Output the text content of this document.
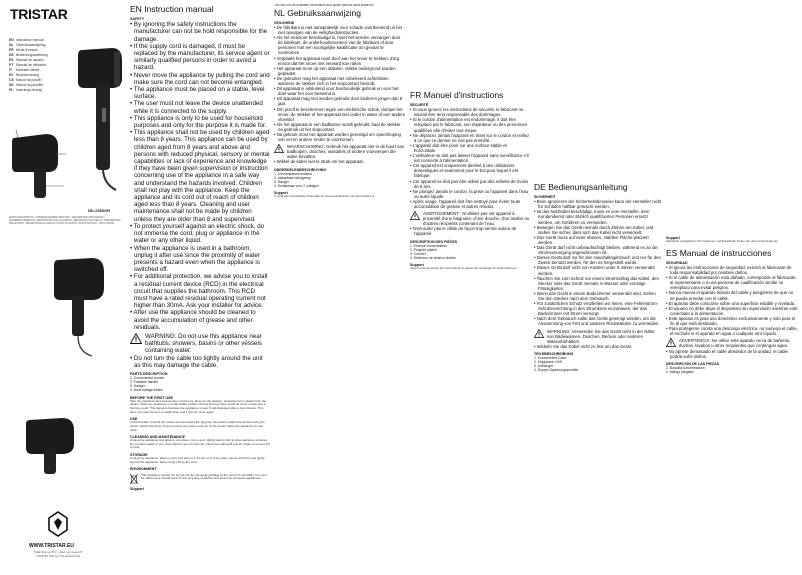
TRISTAR
EN Instruction manual
NL Gebruiksaanwijzing
FR Mode d'emploi
DE Bedienungsanleitung
ES Manual de usuario
PT Manual de utilizador
IT Manuale utente
SV Bruksanvisning
CS Návod na použití
SK Návod na použitie
PL Instrukcja obsługi
HD-2359GR
PARTS DESCRIPTION / ONDERDELENBESCHRIJVING / DESCRIPTION DES PIÈCES / TEILEBESCHREIBUNG / DESCRIPCIÓN DE LAS PIEZAS / DESCRIÇÃO DAS PEÇAS / DESCRIZIONE DELLE PARTI / BESKRIVNING AV DELAR / POPIS SOUČÁSTÍ / POPIS SÚČASTÍ / OPIS CZĘŚCI
WWW.TRISTAR.EU
Tristar Europe B.V. | Jules Verneweg 87 | 5015 BH Tilburg | The Netherlands
EN Instruction manual
SAFETY

• By ignoring the safety instructions the manufacturer can not be hold responsible for the damage.

• If the supply cord is damaged, it must be replaced by the manufacturer, its service agent or similarly qualified persons in order to avoid a hazard.

• Never move the appliance by pulling the cord and make sure the cord can not become entangled.

• The appliance must be placed on a stable, level surface.

• The user must not leave the device unattended while it is connected to the supply.

• This appliance is only to be used for household purposes and only for the purpose it is made for.

• This appliance shall not be used by children aged less than 8 years. This appliance can be used by children aged from 8 years and above and persons with reduced physical, sensory or mental capabilities or lack of experience and knowledge if they have been given supervision or instruction concerning use of the appliance in a safe way and understand the hazards involved. Children shall not play with the appliance. Keep the appliance and its cord out of reach of children aged less than 8 years. Cleaning and user maintenance shall not be made by children unless they are older than 8 and supervised.

• To protect yourself against an electric shock, do not immerse the cord, plug or appliance in the water or any other liquid.

• When the appliance is used in a bathroom, unplug it after use since the proximity of water presents a hazard even when the appliance is switched off.

• For additional protection, we advise you to install a residual current device (RCD) in the electrical circuit that supplies the bathroom. This RCD must have a rated residual operating current not higher than 30mA. Ask your installer for advice.

• After use the appliance should be cleaned to avoid the accumulation of grease and other residuals.

WARNING: Do not use this appliance near bathtubs, showers, basins or other vessels containing water.

• Do not turn the cable too tightly around the unit as this may damage the cable.

PARTS DESCRIPTION

1. Concentrator nozzle

2. Foldable handle

3. Hanger

4. Dual voltage switch

BEFORE THE FIRST USE
Take the appliance and accessories out the box. Remove the stickers, protective foil or plastic from the device. Place the appliance on a flat stable surface. During first use there could be some smoke and a burning smell. This happens because the appliance is new. It will disappear after a few minutes. This does not mean there is a malfunction and it will not occur again.
USE
Unfold handle. Unwind the power cord and insert the plug into the socket. Adjust the air flow using the switch. Switch the dryer off and remove the power cord out of the socket. Allow the appliance to cool down.
CLEANING AND MAINTENANCE
Unplug the appliance and allow to cool down. Use a soft, slightly damp cloth to wipe appliance surfaces. Do not allow water or any other liquid to get into the unit. Clean the outlet grill and air intake to remove lint or dust.
STORAGE
Unplug the appliance, allow to cool, and store it in its box or in a dry place. Never wind the cord tightly around the appliance. Never hang unit by the cord.
ENVIRONMENT
This appliance should not be put into the domestic garbage at the end of its durability, but must be offered at a central point for the recycling of electric and electronic domestic appliances.
Support
You can find all available information and spare parts at www.tristar.eu!
NL Gebruiksaanwijzing
VEILIGHEID

• De fabrikant is niet aansprakelijk voor schade voortkomend uit het niet opvolgen van de veiligheidsinstructies.

• Als het netsnoer beschadigd is, moet het worden vervangen door de fabrikant, de onderhoudsmonteur van de fabrikant of door personen met een soortgelijke kwalificatie om gevaar te voorkomen.

• Verplaats het apparaat nooit door aan het snoer te trekken. Zorg ervoor dat het snoer niet verward kan raken.

• Het apparaat moet op een stabiele, vlakke ondergrond worden geplaatst.

• De gebruiker mag het apparaat niet onbeheerd achterlaten wanneer de stekker zich in het stopcontact bevindt.

• Dit apparaat is uitsluitend voor huishoudelijk gebruik en voor het doel waar het voor bestemd is.

• Dit apparaat mag niet worden gebruikt door kinderen jonger dan 8 jaar.

• Om jezelf te beschermen tegen een elektrische schok, dompel het snoer, de stekker of het apparaat niet onder in water of een andere vloeistof.

• Als het apparaat in een badkamer wordt gebruikt, haal de stekker na gebruik uit het stopcontact.

• Na gebruik moet het apparaat worden gereinigd om opeenhoping van vet en andere resten te voorkomen.

WAARSCHUWING: Gebruik het apparaat niet in de buurt van badkuipen, douches, wastafels of andere voorwerpen die water bevatten.

• Wikkel de kabel niet te strak om het apparaat.

ONDERDELENBESCHRIJVING

1. Concentratormondstuk

2. Inklapbare handgreep

3. Hanger

4. Schakelaar voor 2 voltages

Support
U vindt alle beschikbare informatie en reserveonderdelen op www.tristar.eu!
FR Manuel d'instructions
SÉCURITÉ

• Si vous ignorez les instructions de sécurité, le fabricant ne saurait être tenu responsable des dommages.

• Si le cordon d'alimentation est endommagé, il doit être remplacé par le fabricant, son réparateur ou des personnes qualifiées afin d'éviter tout risque.

• Ne déplacez jamais l'appareil en tirant sur le cordon et veillez à ce que ce dernier ne soit pas emmêlé.

• L'appareil doit être posé sur une surface stable et horizontale.

• L'utilisateur ne doit pas laisser l'appareil sans surveillance s'il est connecté à l'alimentation.

• Cet appareil est uniquement destiné à des utilisations domestiques et seulement pour le but pour lequel il est fabriqué.

• Cet appareil ne doit pas être utilisé par des enfants de moins de 8 ans.

• Ne plongez jamais le cordon, la prise ou l'appareil dans l'eau ou autre liquide.

• Après usage, l'appareil doit être nettoyé pour éviter toute accumulation de graisse et autres résidus.

AVERTISSEMENT : N'utilisez pas cet appareil à proximité d'une baignoire, d'une douche, d'un lavabo ou d'autres récipients contenant de l'eau.

• N'enroulez pas le câble de façon trop serrée autour de l'appareil.

DESCRIPTION DES PIÈCES

1. Embout concentrateur

2. Poignée pliable

3. Crochet

4. Sélecteur de tension double

Support
Vous trouverez toutes les informations et pièces de rechange sur www.tristar.eu !
DE Bedienungsanleitung
SICHERHEIT

• Beim Ignorieren der Sicherheitshinweise kann der Hersteller nicht für Schäden haftbar gemacht werden.

• Ist das Netzkabel beschädigt, muss es vom Hersteller, dem Kundendienst oder ähnlich qualifizierten Personen ersetzt werden, um Gefahren zu vermeiden.

• Bewegen Sie das Gerät niemals durch Ziehen am Kabel, und stellen Sie sicher, dass sich das Kabel nicht verwickelt.

• Das Gerät muss auf einer ebenen, stabilen Fläche platziert werden.

• Das Gerät darf nicht unbeaufsichtigt bleiben, während es an die Stromversorgung angeschlossen ist.

• Dieses Gerät darf nur für den Haushaltsgebrauch und nur für den Zweck benutzt werden, für den es hergestellt wurde.

• Dieses Gerät darf nicht von Kindern unter 8 Jahren verwendet werden.

• Tauchen Sie zum Schutz vor einem Stromschlag das Kabel, den Stecker oder das Gerät niemals in Wasser oder sonstige Flüssigkeiten.

• Wenn das Gerät in einem Badezimmer verwendet wird, ziehen Sie den Stecker nach dem Gebrauch.

• Für zusätzlichen Schutz empfehlen wir Ihnen, eine Fehlerstrom-Schutzeinrichtung in den Stromkreis einzubauen, der das Badezimmer mit Strom versorgt.

• Nach dem Gebrauch sollte das Gerät gereinigt werden, um die Ansammlung von Fett und anderen Rückständen zu vermeiden.

WARNUNG: Verwenden Sie das Gerät nicht in der Nähe von Badewannen, Duschen, Becken oder anderen Wasserbehältern.

• Wickeln Sie das Kabel nicht zu fest um das Gerät.

TEILEBESCHREIBUNG

1. Konzentrator-Düse

2. Klappbarer Griff

3. Aufhänger

4. Doppel-Spannungsschalter

Support
Sämtliche verfügbaren Informationen und Ersatzteile finden Sie unter www.tristar.eu!
ES Manual de instrucciones
SEGURIDAD

• Si ignora las instrucciones de seguridad, eximirá al fabricante de toda responsabilidad por posibles daños.

• Si el cable de alimentación está dañado, corresponde al fabricante, al representante o a una persona de cualificación similar su reemplazo para evitar peligros.

• Nunca mueva el aparato tirando del cable y asegúrese de que no se pueda enredar con el cable.

• El aparato debe colocarse sobre una superficie estable y nivelada.

• El usuario no debe dejar el dispositivo sin supervisión mientras esté conectado a la alimentación.

• Este aparato es para uso doméstico exclusivamente y solo para el fin al que está destinado.

• Para protegerse contra una descarga eléctrica, no sumerja el cable, el enchufe ni el aparato en agua o cualquier otro líquido.

ADVERTENCIA: No utilice este aparato cerca de bañeras, duchas, lavabos u otros recipientes que contengan agua.

• No apriete demasiado el cable alrededor de la unidad, el cable podría sufrir daños.

DESCRIPCIÓN DE LAS PIEZAS

1. Boquilla concentradora

2. Mango plegable
